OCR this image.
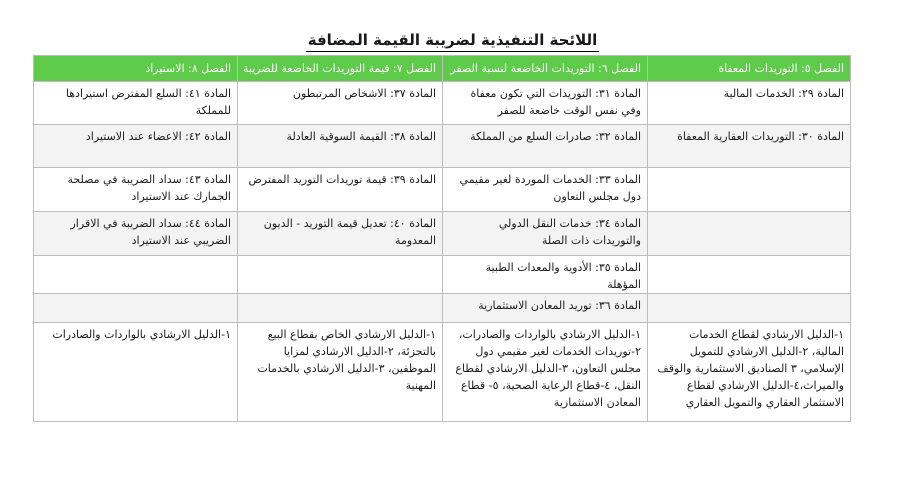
اللائحة التنفيذية لضريبة القيمة المضافة
الفصل ٥: التوريدات المعفاة	الفصل ٦: التوريدات الخاضعة لنسبة الصفر	الفصل ٧: قيمة التوريدات الخاضعة للضريبة	الفصل ٨: الاستيراد
المادة ٢٩: الخدمات المالية	المادة ٣١: التوريدات التي تكون معفاة وفي نفس الوقت خاضعة للصفر	المادة ٣٧: الاشخاص المرتبطون	المادة ٤١: السلع المفترض استيرادها للمملكة
المادة ٣٠: التوريدات العقارية المعفاة	المادة ٣٢: صادرات السلع من المملكة	المادة ٣٨: القيمة السوقية العادلة	المادة ٤٢: الاعضاء عند الاستيراد
	المادة ٣٣: الخدمات الموردة لغير مقيمي دول مجلس التعاون	المادة ٣٩: قيمة توريدات التوريد المفترض	المادة ٤٣: سداد الضريبة في مصلحة الجمارك عند الاستيراد
	المادة ٣٤: خدمات النقل الدولي والتوريدات ذات الصلة	المادة ٤٠: تعديل قيمة التوريد - الديون المعدومة	المادة ٤٤: سداد الضريبة في الاقرار الضريبي عند الاستيراد
	المادة ٣٥: الأدوية والمعدات الطبية المؤهلة		
	المادة ٣٦: توريد المعادن الاستثمارية		
١-الدليل الارشادي لقطاع الخدمات المالية، ٢-الدليل الارشادي للتمويل الإسلامي، ٣ الصناديق الاستثمارية والوقف والميراث،٤-الدليل الارشادي لقطاع الاستثمار العقاري والتمويل العقاري	١-الدليل الارشادي بالواردات والصادرات، ٢-توريدات الخدمات لغير مقيمي دول مجلس التعاون، ٣-الدليل الارشادي لقطاع النقل، ٤-قطاع الرعاية الصحية، ٥- قطاع المعادن الاستثمارية	١-الدليل الارشادي الخاص بقطاع البيع بالتجزئة، ٢-الدليل الارشادي لمزايا الموظفين، ٣-الدليل الارشادي بالخدمات المهنية	١-الدليل الارشادي بالواردات والصادرات
